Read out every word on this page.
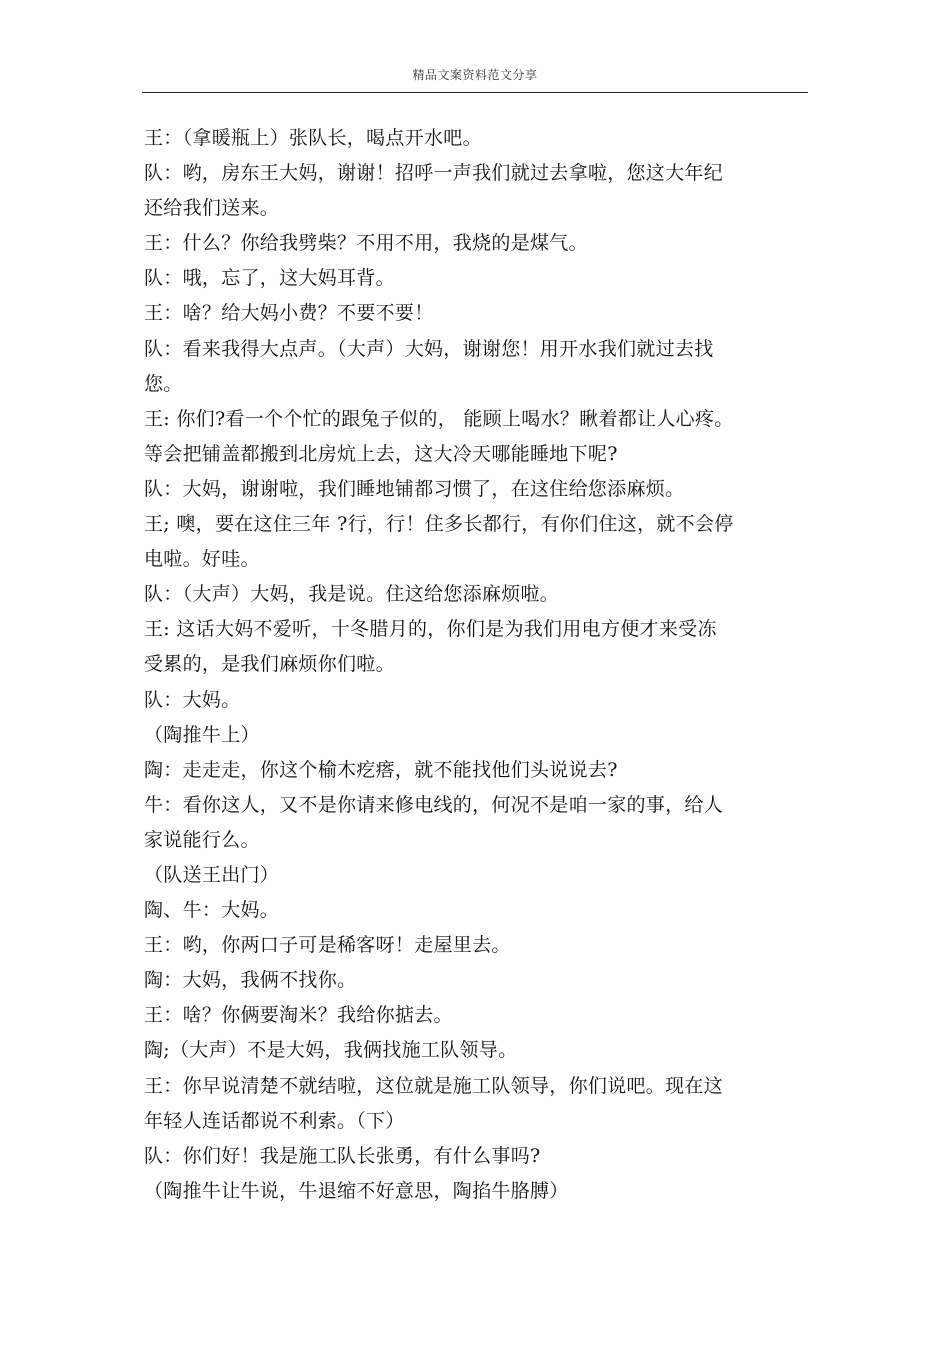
精品文案资料范文分享
王：（拿暖瓶上）张队长，喝点开水吧。
队：哟，房东王大妈，谢谢！招呼一声我们就过去拿啦，您这大年纪
还给我们送来。
王：什么？你给我劈柴？不用不用，我烧的是煤气。
队：哦，忘了，这大妈耳背。
王：啥？给大妈小费？不要不要！
队：看来我得大点声。（大声）大妈，谢谢您！用开水我们就过去找
您。
王: 你们?看一个个忙的跟兔子似的， 能顾上喝水？瞅着都让人心疼。
等会把铺盖都搬到北房炕上去，这大冷天哪能睡地下呢?
队：大妈，谢谢啦，我们睡地铺都习惯了，在这住给您添麻烦。
王; 噢，要在这住三年 ?行，行！住多长都行，有你们住这，就不会停
电啦。好哇。
队：（大声）大妈，我是说。住这给您添麻烦啦。
王: 这话大妈不爱听，十冬腊月的，你们是为我们用电方便才来受冻
受累的，是我们麻烦你们啦。
队：大妈。
（陶推牛上）
陶：走走走，你这个榆木疙瘩，就不能找他们头说说去?
牛：看你这人，又不是你请来修电线的，何况不是咱一家的事，给人
家说能行么。
（队送王出门）
陶、牛：大妈。
王：哟，你两口子可是稀客呀！走屋里去。
陶：大妈，我俩不找你。
王：啥？你俩要淘米？我给你掂去。
陶;（大声）不是大妈，我俩找施工队领导。
王：你早说清楚不就结啦，这位就是施工队领导，你们说吧。现在这
年轻人连话都说不利索。（下）
队：你们好！我是施工队长张勇，有什么事吗?
（陶推牛让牛说，牛退缩不好意思，陶掐牛胳膊）
